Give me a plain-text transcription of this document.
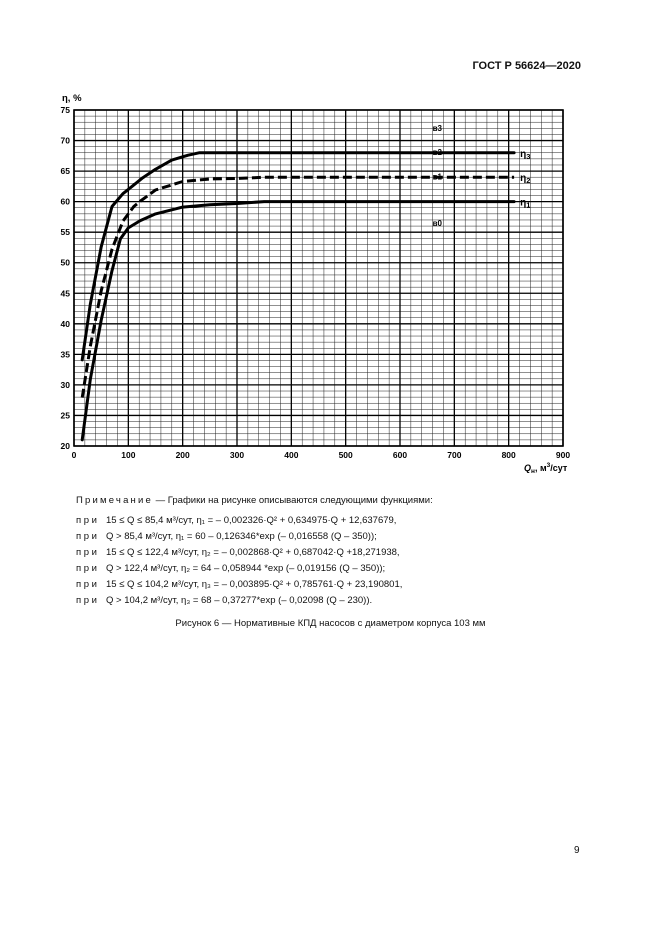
ГОСТ Р 56624—2020
0	100	200	300	400	500	600	700	800	900
20
25
30
35
40
45
50
55
60
65
70
75
η, %
$Q_н$, $м^3$/сут
$\eta_1$
в1	$\eta_2$
в2	$\eta_3$
в3
в0
Примечание — Графики на рисунке описываются следующими функциями:
при 15 ≤ Q ≤ 85,4 м³/сут, η₁ = – 0,002326·Q² + 0,634975·Q + 12,637679,
при Q > 85,4 м³/сут, η₁ = 60 – 0,126346*exp (– 0,016558 (Q – 350));
при 15 ≤ Q ≤ 122,4 м³/сут, η₂ = – 0,002868·Q² + 0,687042·Q +18,271938,
при Q > 122,4 м³/сут, η₂ = 64 – 0,058944 *exp (– 0,019156 (Q – 350));
при 15 ≤ Q ≤ 104,2 м³/сут, η₃ = – 0,003895·Q² + 0,785761·Q + 23,190801,
при Q > 104,2 м³/сут, η₃ = 68 – 0,37277*exp (– 0,02098 (Q – 230)).
Рисунок 6 — Нормативные КПД насосов с диаметром корпуса 103 мм
9
